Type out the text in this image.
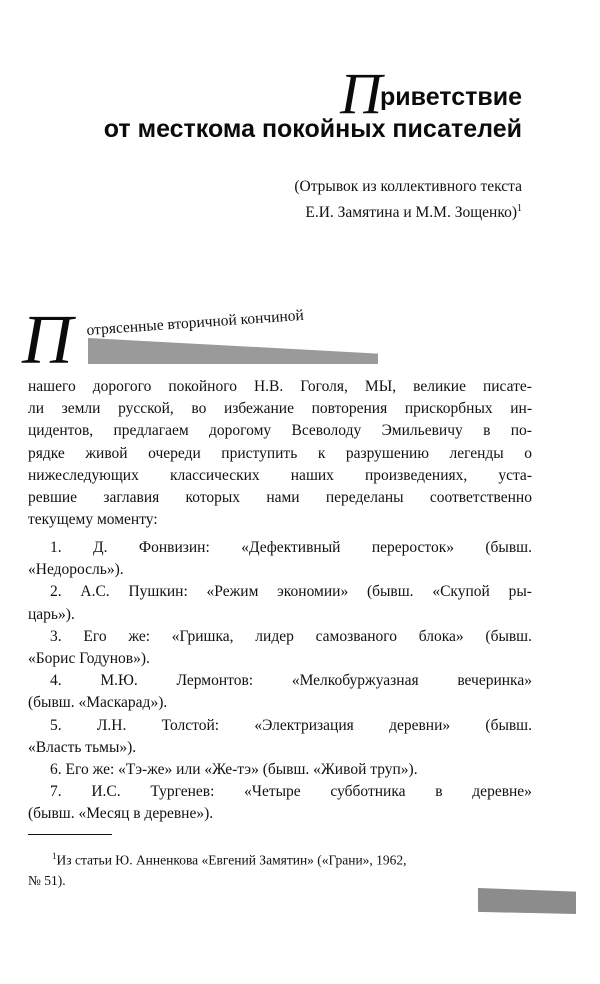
П
риветствие
от месткома покойных писателей
(Отрывок из коллективного текста
Е.И. Замятина и М.М. Зощенко)$^1$
П отрясенные вторичной кончиной
нашего дорогого покойного Н.В. Гоголя, МЫ, великие писате-
ли земли русской, во избежание повторения прискорбных ин-
цидентов, предлагаем дорогому Всеволоду Эмильевичу в по-
рядке живой очереди приступить к разрушению легенды о
нижеследующих классических наших произведениях, уста-
ревшие заглавия которых нами переделаны соответственно
текущему моменту:
1. Д. Фонвизин: «Дефективный переросток» (бывш.
«Недоросль»).
2. А.С. Пушкин: «Режим экономии» (бывш. «Скупой ры-
царь»).
3. Его же: «Гришка, лидер самозваного блока» (бывш.
«Борис Годунов»).
4. М.Ю. Лермонтов: «Мелкобуржуазная вечеринка»
(бывш. «Маскарад»).
5. Л.Н. Толстой: «Электризация деревни» (бывш.
«Власть тьмы»).
6. Его же: «Тэ-же» или «Же-тэ» (бывш. «Живой труп»).
7. И.С. Тургенев: «Четыре субботника в деревне»
(бывш. «Месяц в деревне»).
$^1$Из статьи Ю. Анненкова «Евгений Замятин» («Грани», 1962,
№ 51).
